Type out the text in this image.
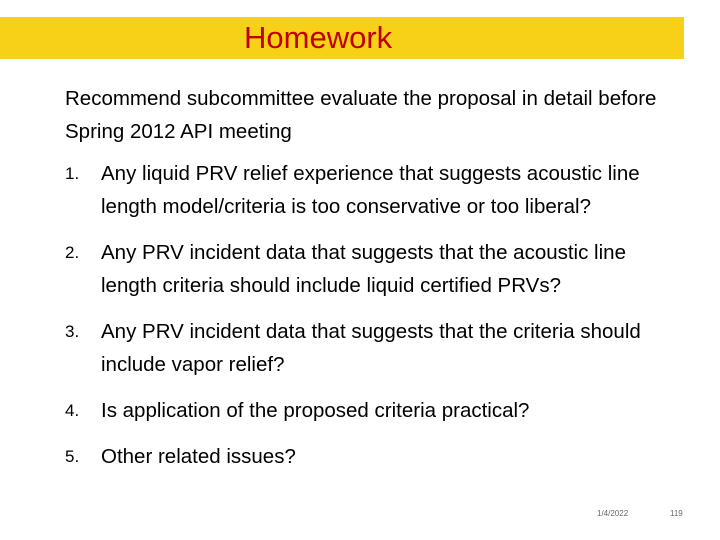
Homework
Recommend subcommittee evaluate the proposal in detail before Spring 2012 API meeting
1. Any liquid PRV relief experience that suggests acoustic line length model/criteria is too conservative or too liberal?
2. Any PRV incident data that suggests that the acoustic line length criteria should include liquid certified PRVs?
3. Any PRV incident data that suggests that the criteria should include vapor relief?
4. Is application of the proposed criteria practical?
5. Other related issues?
1/4/2022	119
